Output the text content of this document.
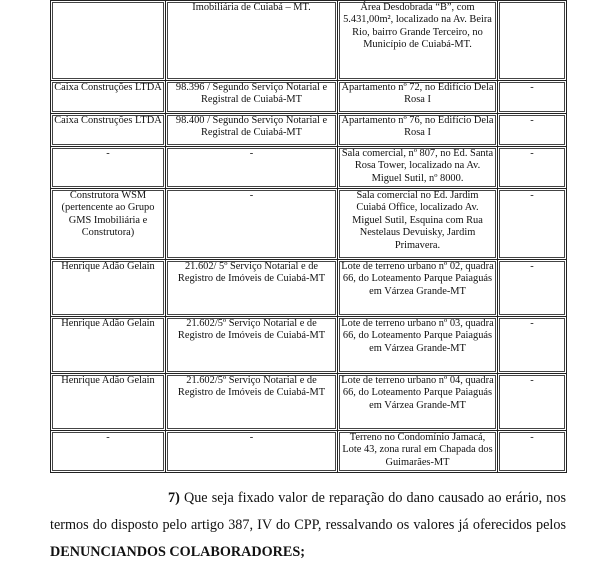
	Imobiliária de Cuiabá – MT.	Área Desdobrada “B”, com 5.431,00m², localizado na Av. Beira Rio, bairro Grande Terceiro, no Município de Cuiabá-MT.	
Caixa Construções LTDA	98.396 / Segundo Serviço Notarial e Registral de Cuiabá-MT	Apartamento nº 72, no Edifício Dela Rosa I	-
Caixa Construções LTDA	98.400 / Segundo Serviço Notarial e Registral de Cuiabá-MT	Apartamento nº 76, no Edifício Dela Rosa I	-
-	-	Sala comercial, nº 807, no Ed. Santa Rosa Tower, localizado na Av. Miguel Sutil, nº 8000.	-
Construtora WSM (pertencente ao Grupo GMS Imobiliária e Construtora)	-	Sala comercial no Ed. Jardim Cuiabá Office, localizado Av. Miguel Sutil, Esquina com Rua Nestelaus Devuisky, Jardim Primavera.	-
Henrique Adão Gelain	21.602/ 5º Serviço Notarial e de Registro de Imóveis de Cuiabá-MT	Lote de terreno urbano nº 02, quadra 66, do Loteamento Parque Paiaguás em Várzea Grande-MT	-
Henrique Adão Gelain	21.602/5º Serviço Notarial e de Registro de Imóveis de Cuiabá-MT	Lote de terreno urbano nº 03, quadra 66, do Loteamento Parque Paiaguás em Várzea Grande-MT	-
Henrique Adão Gelain	21.602/5º Serviço Notarial e de Registro de Imóveis de Cuiabá-MT	Lote de terreno urbano nº 04, quadra 66, do Loteamento Parque Paiaguás em Várzea Grande-MT	-
-	-	Terreno no Condomínio Jamacá, Lote 43, zona rural em Chapada dos Guimarães-MT	-

7) Que seja fixado valor de reparação do dano causado ao erário, nos termos do disposto pelo artigo 387, IV do CPP, ressalvando os valores já oferecidos pelos DENUNCIANDOS COLABORADORES;
